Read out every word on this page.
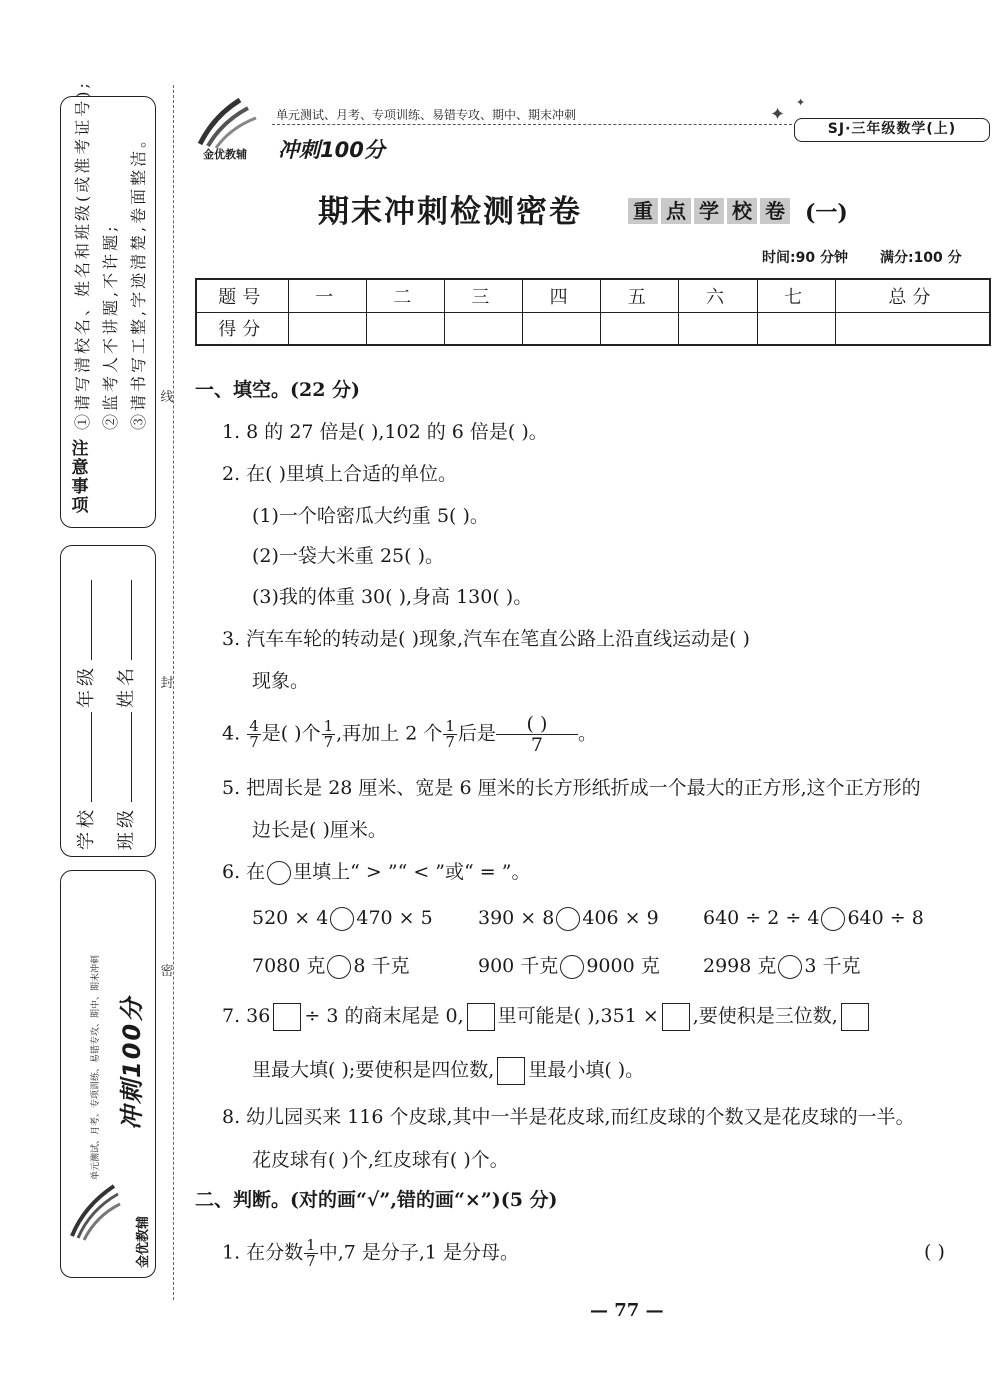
注
意
事
项
①请写清校名、姓名和班级(或准考证号); ②监考人不讲题,不许题; ③请书写工整,字迹清楚,卷面整洁。
学校年级
班级姓名
单元测试、月考、专项训练、易错专攻、期中、期末冲刺 冲刺100分
金优教辅
线
封
密
金优教辅
单元测试、月考、专项训练、易错专攻、期中、期末冲刺	✦
✦
SJ·三年级数学(上)
冲刺100分
期末冲刺检测密卷	重 点 学 校 卷 (一)
时间:90 分钟 满分:100 分
题号	一	二	三	四	五	六	七	总分
得分								
一、填空。(22 分)
1. 8 的 27 倍是( ),102 的 6 倍是( )。
2. 在( )里填上合适的单位。
(1)一个哈密瓜大约重 5( )。
(2)一袋大米重 25( )。
(3)我的体重 30( ),身高 130( )。
3. 汽车车轮的转动是( )现象,汽车在笔直公路上沿直线运动是( )
现象。
4. $\frac{4}{7}$ 是( )个 $\frac{1}{7}$ ,再加上 2 个 $\frac{1}{7}$ 后是 $\frac{( )}{7}$ 。
5. 把周长是 28 厘米、宽是 6 厘米的长方形纸折成一个最大的正方形,这个正方形的
边长是( )厘米。
6. 在 里填上“ > ”“ < ”或“ = ”。
520 × 4 470 × 5 390 × 8 406 × 9 640 ÷ 2 ÷ 4 640 ÷ 8
7080 克 8 千克	900 千克 9000 克 2998 克 3 千克
7. 36 ÷ 3 的商末尾是 0, 里可能是( ),351 × ,要使积是三位数,
里最大填( );要使积是四位数, 里最小填( )。
8. 幼儿园买来 116 个皮球,其中一半是花皮球,而红皮球的个数又是花皮球的一半。
花皮球有( )个,红皮球有( )个。
二、判断。(对的画“√”,错的画“×”)(5 分)
1. 在分数 $\frac{1}{7}$ 中,7 是分子,1 是分母。	( )
— 77 —
